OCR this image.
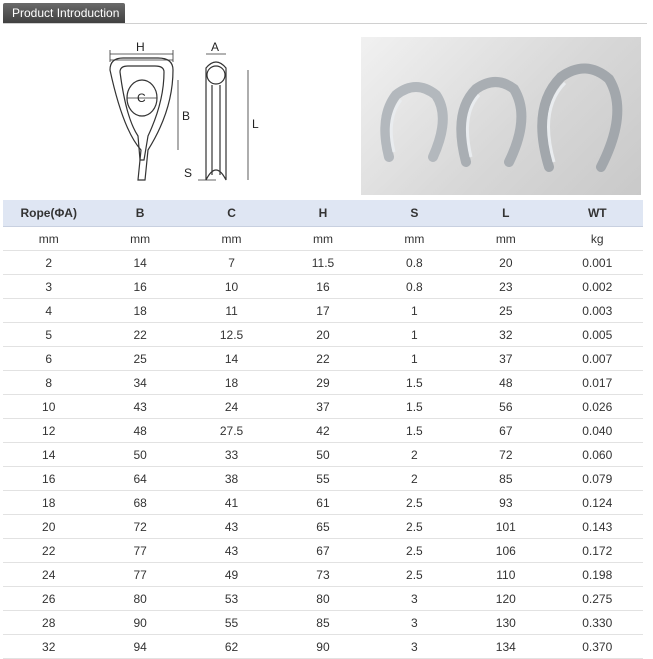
Product Introduction
H	A
C
B
L
S
Rope(ΦA)	B	C	H	S	L	WT
mm	mm	mm	mm	mm	mm	kg
2	14	7	11.5	0.8	20	0.001
3	16	10	16	0.8	23	0.002
4	18	11	17	1	25	0.003
5	22	12.5	20	1	32	0.005
6	25	14	22	1	37	0.007
8	34	18	29	1.5	48	0.017
10	43	24	37	1.5	56	0.026
12	48	27.5	42	1.5	67	0.040
14	50	33	50	2	72	0.060
16	64	38	55	2	85	0.079
18	68	41	61	2.5	93	0.124
20	72	43	65	2.5	101	0.143
22	77	43	67	2.5	106	0.172
24	77	49	73	2.5	110	0.198
26	80	53	80	3	120	0.275
28	90	55	85	3	130	0.330
32	94	62	90	3	134	0.370
